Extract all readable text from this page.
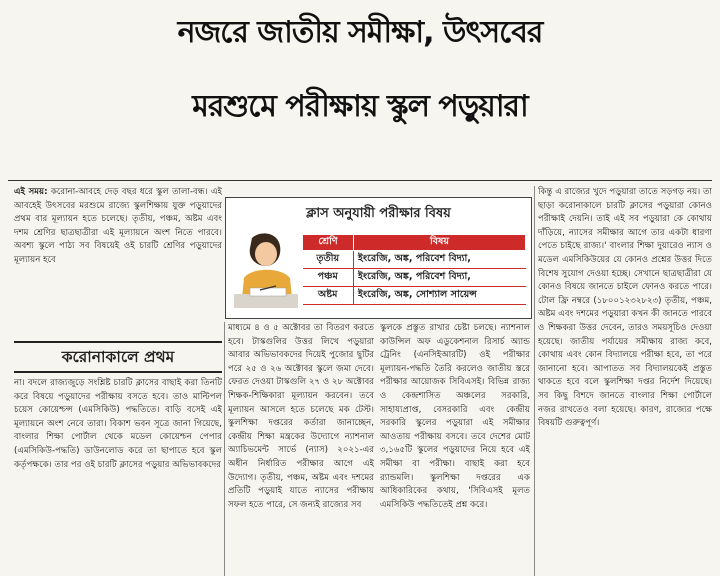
নজরে জাতীয় সমীক্ষা, উৎসবের
মরশুমে পরীক্ষায় স্কুল পড়ুয়ারা

এই সময়: করোনা-আবহে দেড় বছর ধরে স্কুল তালা-বন্ধ। এই আবহেই উৎসবের মরশুমে রাজ্যে স্কুলশিক্ষায় যুক্ত পড়ুয়াদের প্রথম বার মূল্যায়ন হতে চলেছে। তৃতীয়, পঞ্চম, অষ্টম এবং দশম শ্রেণির ছাত্রছাত্রীরা এই মূল্যায়নে অংশ নিতে পারবে। অবশ্য স্কুলে পাঠ্য সব বিষয়েই ওই চারটি শ্রেণির পড়ুয়াদের মূল্যায়ন হবে

করোনাকালে প্রথম

না। বদলে রাজ্যজুড়ে সংশ্লিষ্ট চারটি ক্লাসের বাছাই করা তিনটি করে বিষয়ে পড়ুয়াদের পরীক্ষায় বসতে হবে। তাও মাল্টিপল চয়েস কোয়েশ্চন্স (এমসিকিউ) পদ্ধতিতে। বাড়ি বসেই এই মূল্যায়নে অংশ নেবে তারা। বিকাশ ভবন সূত্রে জানা গিয়েছে, বাংলার শিক্ষা পোর্টাল থেকে মডেল কোয়েশ্চন পেপার (এমসিকিউ-পদ্ধতি) ডাউনলোড করে তা ছাপাতে হবে স্কুল কর্তৃপক্ষকে। তার পর ওই চারটি ক্লাসের পড়ুয়ার অভিভাবকদের

ক্লাস অনুযায়ী পরীক্ষার বিষয়
শ্রেণি	বিষয়
তৃতীয়	ইংরেজি, অঙ্ক, পরিবেশ বিদ্যা,
পঞ্চম	ইংরেজি, অঙ্ক, পরিবেশ বিদ্যা,
অষ্টম	ইংরেজি, অঙ্ক, সোশ্যাল সায়েন্স

মাধ্যমে ৪ ও ৫ অক্টোবর তা বিতরণ করতে হবে। টাস্কগুলির উত্তর লিখে পড়ুয়ারা আবার অভিভাবকদের দিয়েই পুজোর ছুটির পরে ২৫ ও ২৬ অক্টোবর স্কুলে জমা দেবে। ফেরত দেওয়া টাস্কগুলি ২৭ ও ২৮ অক্টোবর শিক্ষক-শিক্ষিকারা মূল্যায়ন করবেন। তবে মূল্যায়ন আসলে হতে চলেছে মক টেস্ট। স্কুলশিক্ষা দপ্তরের কর্তারা জানাচ্ছেন, কেন্দ্রীয় শিক্ষা মন্ত্রকের উদ্যোগে ন্যাশনাল অ্যাচিভমেন্ট সার্ভে (ন্যাস) ২০২১-এর অধীন নির্ধারিত পরীক্ষার আগে এই উদ্যোগ। তৃতীয়, পঞ্চম, অষ্টম এবং দশমের প্রতিটি পড়ুয়াই যাতে ন্যাসের পরীক্ষায় সফল হতে পারে, সে জন্যই রাজ্যের সব

স্কুলকে প্রস্তুত রাখার চেষ্টা চলছে। ন্যাশনাল কাউন্সিল অফ এডুকেশনাল রিসার্চ অ্যান্ড ট্রেনিং (এনসিইআরটি) ওই পরীক্ষার মূল্যায়ন-পদ্ধতি তৈরি করলেও জাতীয় স্তরে পরীক্ষার আয়োজক সিবিএসই। বিভিন্ন রাজ্য ও কেন্দ্রশাসিত অঞ্চলের সরকারি, সাহায্যপ্রাপ্ত, বেসরকারি এবং কেন্দ্রীয় সরকারি স্কুলের পড়ুয়ারা এই সমীক্ষার আওতায় পরীক্ষায় বসবে। তবে দেশের মোট ৩,১৬৫টি স্কুলের পড়ুয়াদের নিয়ে হবে এই সমীক্ষা বা পরীক্ষা। বাছাই করা হবে র‍্যান্ডমলি। স্কুলশিক্ষা দপ্তরের এক আধিকারিকের কথায়, 'সিবিএসই মূলত এমসিকিউ পদ্ধতিতেই প্রশ্ন করে।

কিন্তু এ রাজ্যের খুদে পড়ুয়ারা তাতে সড়গড় নয়। তা ছাড়া করোনাকালে চারটি ক্লাসের পড়ুয়ারা কোনও পরীক্ষাই দেয়নি। তাই এই সব পড়ুয়ারা কে কোথায় দাঁড়িয়ে, ন্যাসের সমীক্ষার আগে তার একটা ধারণা পেতে চাইছে রাজ্য।' বাংলার শিক্ষা দুয়ারেও ন্যাস ও মডেল এমসিকিউয়ের যে কোনও প্রশ্নের উত্তর দিতে বিশেষ সুযোগ দেওয়া হচ্ছে। সেখানে ছাত্রছাত্রীরা যে কোনও বিষয়ে জানতে চাইলে ফোনও করতে পারে। টোল ফ্রি নম্বরে (১৮০০১২৩২৮২৩) তৃতীয়, পঞ্চম, অষ্টম এবং দশমের পড়ুয়ারা কখন কী জানতে পারবে ও শিক্ষকরা উত্তর দেবেন, তারও সময়সূচিও দেওয়া হয়েছে। জাতীয় পর্যায়ের সমীক্ষায় রাজ্য কবে, কোথায় এবং কোন বিদ্যালয়ে পরীক্ষা হবে, তা পরে জানানো হবে। আপাতত সব বিদ্যালয়কেই প্রস্তুত থাকতে হবে বলে স্কুলশিক্ষা দপ্তর নির্দেশ দিয়েছে। সব কিছু বিশদে জানতে বাংলার শিক্ষা পোর্টালে নজর রাখতেও বলা হয়েছে। কারণ, রাজ্যের পক্ষে বিষয়টি গুরুত্বপূর্ণ।
